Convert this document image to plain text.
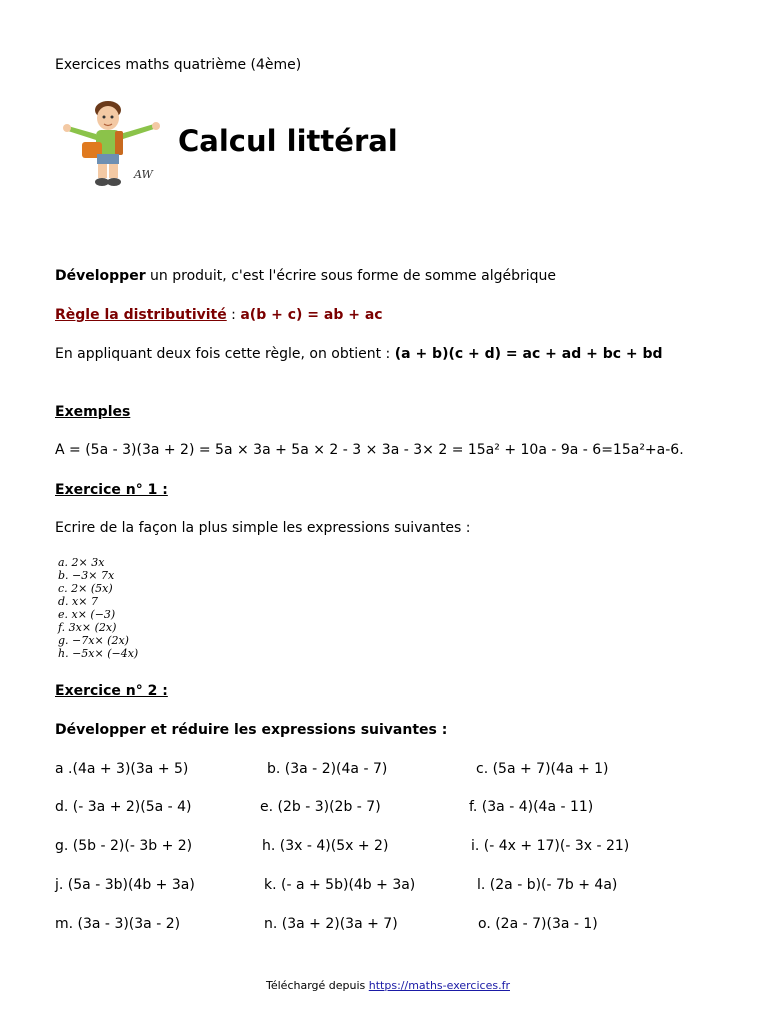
Exercices maths quatrième (4ème)
AW
Calcul littéral
Développer un produit, c'est l'écrire sous forme de somme algébrique
Règle la distributivité : a(b + c) = ab + ac
En appliquant deux fois cette règle, on obtient : (a + b)(c + d) = ac + ad + bc + bd
Exemples
A = (5a - 3)(3a + 2) = 5a × 3a + 5a × 2 - 3 × 3a - 3× 2 = 15a² + 10a - 9a - 6=15a²+a-6.
Exercice n° 1 :
Ecrire de la façon la plus simple les expressions suivantes :
a. 2× 3x
b. −3× 7x
c. 2× (5x)
d. x× 7
e. x× (−3)
f. 3x× (2x)
g. −7x× (2x)
h. −5x× (−4x)
Exercice n° 2 :
Développer et réduire les expressions suivantes :
a .(4a + 3)(3a + 5)	b. (3a - 2)(4a - 7)	c. (5a + 7)(4a + 1)
d. (- 3a + 2)(5a - 4)	e. (2b - 3)(2b - 7)	f. (3a - 4)(4a - 11)
g. (5b - 2)(- 3b + 2)	h. (3x - 4)(5x + 2)	i. (- 4x + 17)(- 3x - 21)
j. (5a - 3b)(4b + 3a)	k. (- a + 5b)(4b + 3a)	l. (2a - b)(- 7b + 4a)
m. (3a - 3)(3a - 2)	n. (3a + 2)(3a + 7)	o. (2a - 7)(3a - 1)
Téléchargé depuis https://maths-exercices.fr
